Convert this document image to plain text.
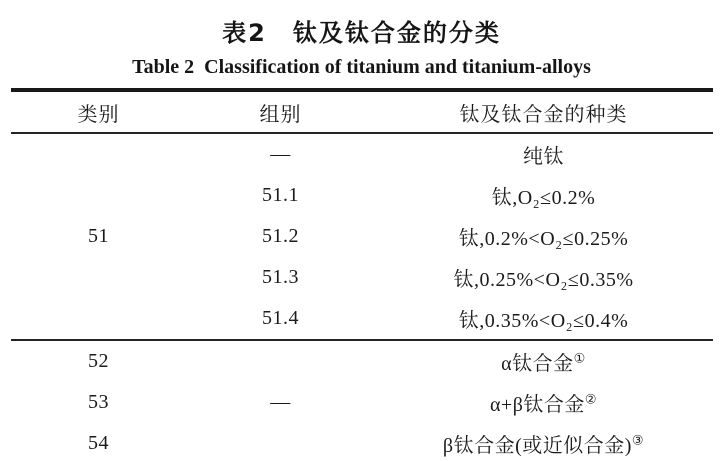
表2　钛及钛合金的分类
Table 2  Classification of titanium and titanium-alloys
类别	组别	钛及钛合金的种类
51	—	纯钛
	51.1	钛,O₂≤0.2%
	51.2	钛,0.2%<O₂≤0.25%
	51.3	钛,0.25%<O₂≤0.35%
	51.4	钛,0.35%<O₂≤0.4%
52	—	α钛合金①
53		α+β钛合金②
54		β钛合金(或近似合金)③
